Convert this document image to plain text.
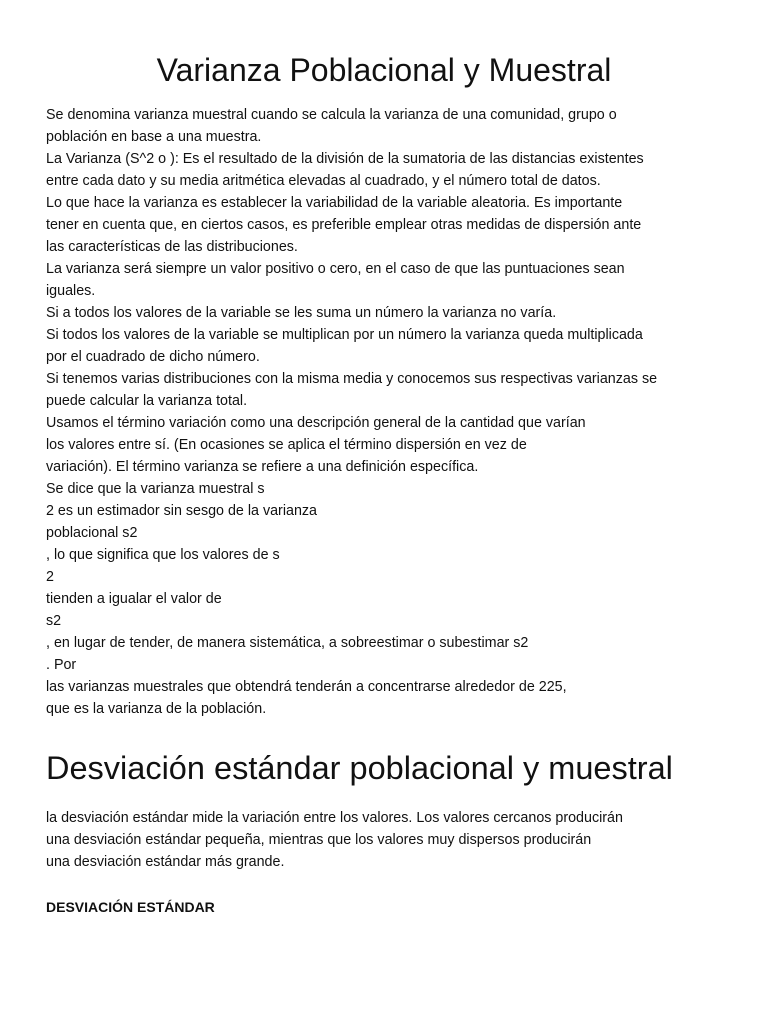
Varianza Poblacional y Muestral
Se denomina varianza muestral cuando se calcula la varianza de una comunidad, grupo o
población en base a una muestra.
La Varianza (S^2 o ): Es el resultado de la división de la sumatoria de las distancias existentes
entre cada dato y su media aritmética elevadas al cuadrado, y el número total de datos.
Lo que hace la varianza es establecer la variabilidad de la variable aleatoria. Es importante
tener en cuenta que, en ciertos casos, es preferible emplear otras medidas de dispersión ante
las características de las distribuciones.
La varianza será siempre un valor positivo o cero, en el caso de que las puntuaciones sean
iguales.
Si a todos los valores de la variable se les suma un número la varianza no varía.
Si todos los valores de la variable se multiplican por un número la varianza queda multiplicada
por el cuadrado de dicho número.
Si tenemos varias distribuciones con la misma media y conocemos sus respectivas varianzas se
puede calcular la varianza total.
Usamos el término variación como una descripción general de la cantidad que varían
los valores entre sí. (En ocasiones se aplica el término dispersión en vez de
variación). El término varianza se refiere a una definición específica.
Se dice que la varianza muestral s
2 es un estimador sin sesgo de la varianza
poblacional s2
, lo que significa que los valores de s
2
tienden a igualar el valor de
s2
, en lugar de tender, de manera sistemática, a sobreestimar o subestimar s2
. Por
las varianzas muestrales que obtendrá tenderán a concentrarse alrededor de 225,
que es la varianza de la población.
Desviación estándar poblacional y muestral
la desviación estándar mide la variación entre los valores. Los valores cercanos producirán
una desviación estándar pequeña, mientras que los valores muy dispersos producirán
una desviación estándar más grande.
DESVIACIÓN ESTÁNDAR
